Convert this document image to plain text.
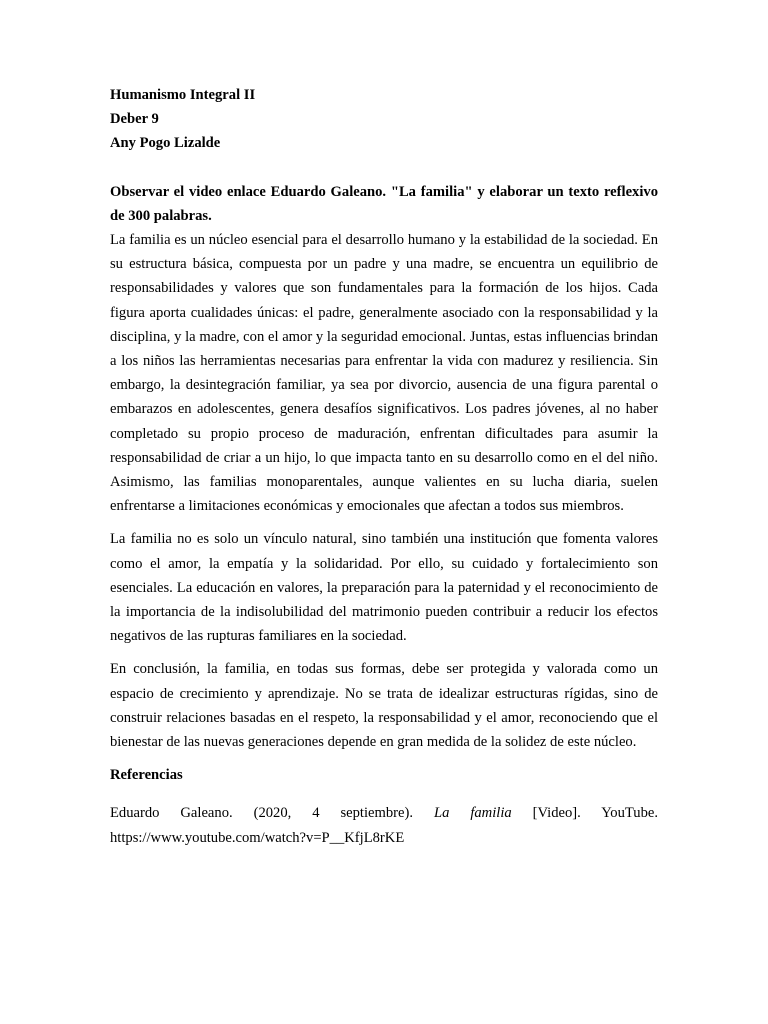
Humanismo Integral II

Deber 9

Any Pogo Lizalde

Observar el video enlace Eduardo Galeano. "La familia" y elaborar un texto reflexivo de 300 palabras.

La familia es un núcleo esencial para el desarrollo humano y la estabilidad de la sociedad. En su estructura básica, compuesta por un padre y una madre, se encuentra un equilibrio de responsabilidades y valores que son fundamentales para la formación de los hijos. Cada figura aporta cualidades únicas: el padre, generalmente asociado con la responsabilidad y la disciplina, y la madre, con el amor y la seguridad emocional. Juntas, estas influencias brindan a los niños las herramientas necesarias para enfrentar la vida con madurez y resiliencia. Sin embargo, la desintegración familiar, ya sea por divorcio, ausencia de una figura parental o embarazos en adolescentes, genera desafíos significativos. Los padres jóvenes, al no haber completado su propio proceso de maduración, enfrentan dificultades para asumir la responsabilidad de criar a un hijo, lo que impacta tanto en su desarrollo como en el del niño. Asimismo, las familias monoparentales, aunque valientes en su lucha diaria, suelen enfrentarse a limitaciones económicas y emocionales que afectan a todos sus miembros.

La familia no es solo un vínculo natural, sino también una institución que fomenta valores como el amor, la empatía y la solidaridad. Por ello, su cuidado y fortalecimiento son esenciales. La educación en valores, la preparación para la paternidad y el reconocimiento de la importancia de la indisolubilidad del matrimonio pueden contribuir a reducir los efectos negativos de las rupturas familiares en la sociedad.

En conclusión, la familia, en todas sus formas, debe ser protegida y valorada como un espacio de crecimiento y aprendizaje. No se trata de idealizar estructuras rígidas, sino de construir relaciones basadas en el respeto, la responsabilidad y el amor, reconociendo que el bienestar de las nuevas generaciones depende en gran medida de la solidez de este núcleo.

Referencias

Eduardo Galeano. (2020, 4 septiembre). La familia [Video]. YouTube. https://www.youtube.com/watch?v=P__KfjL8rKE
